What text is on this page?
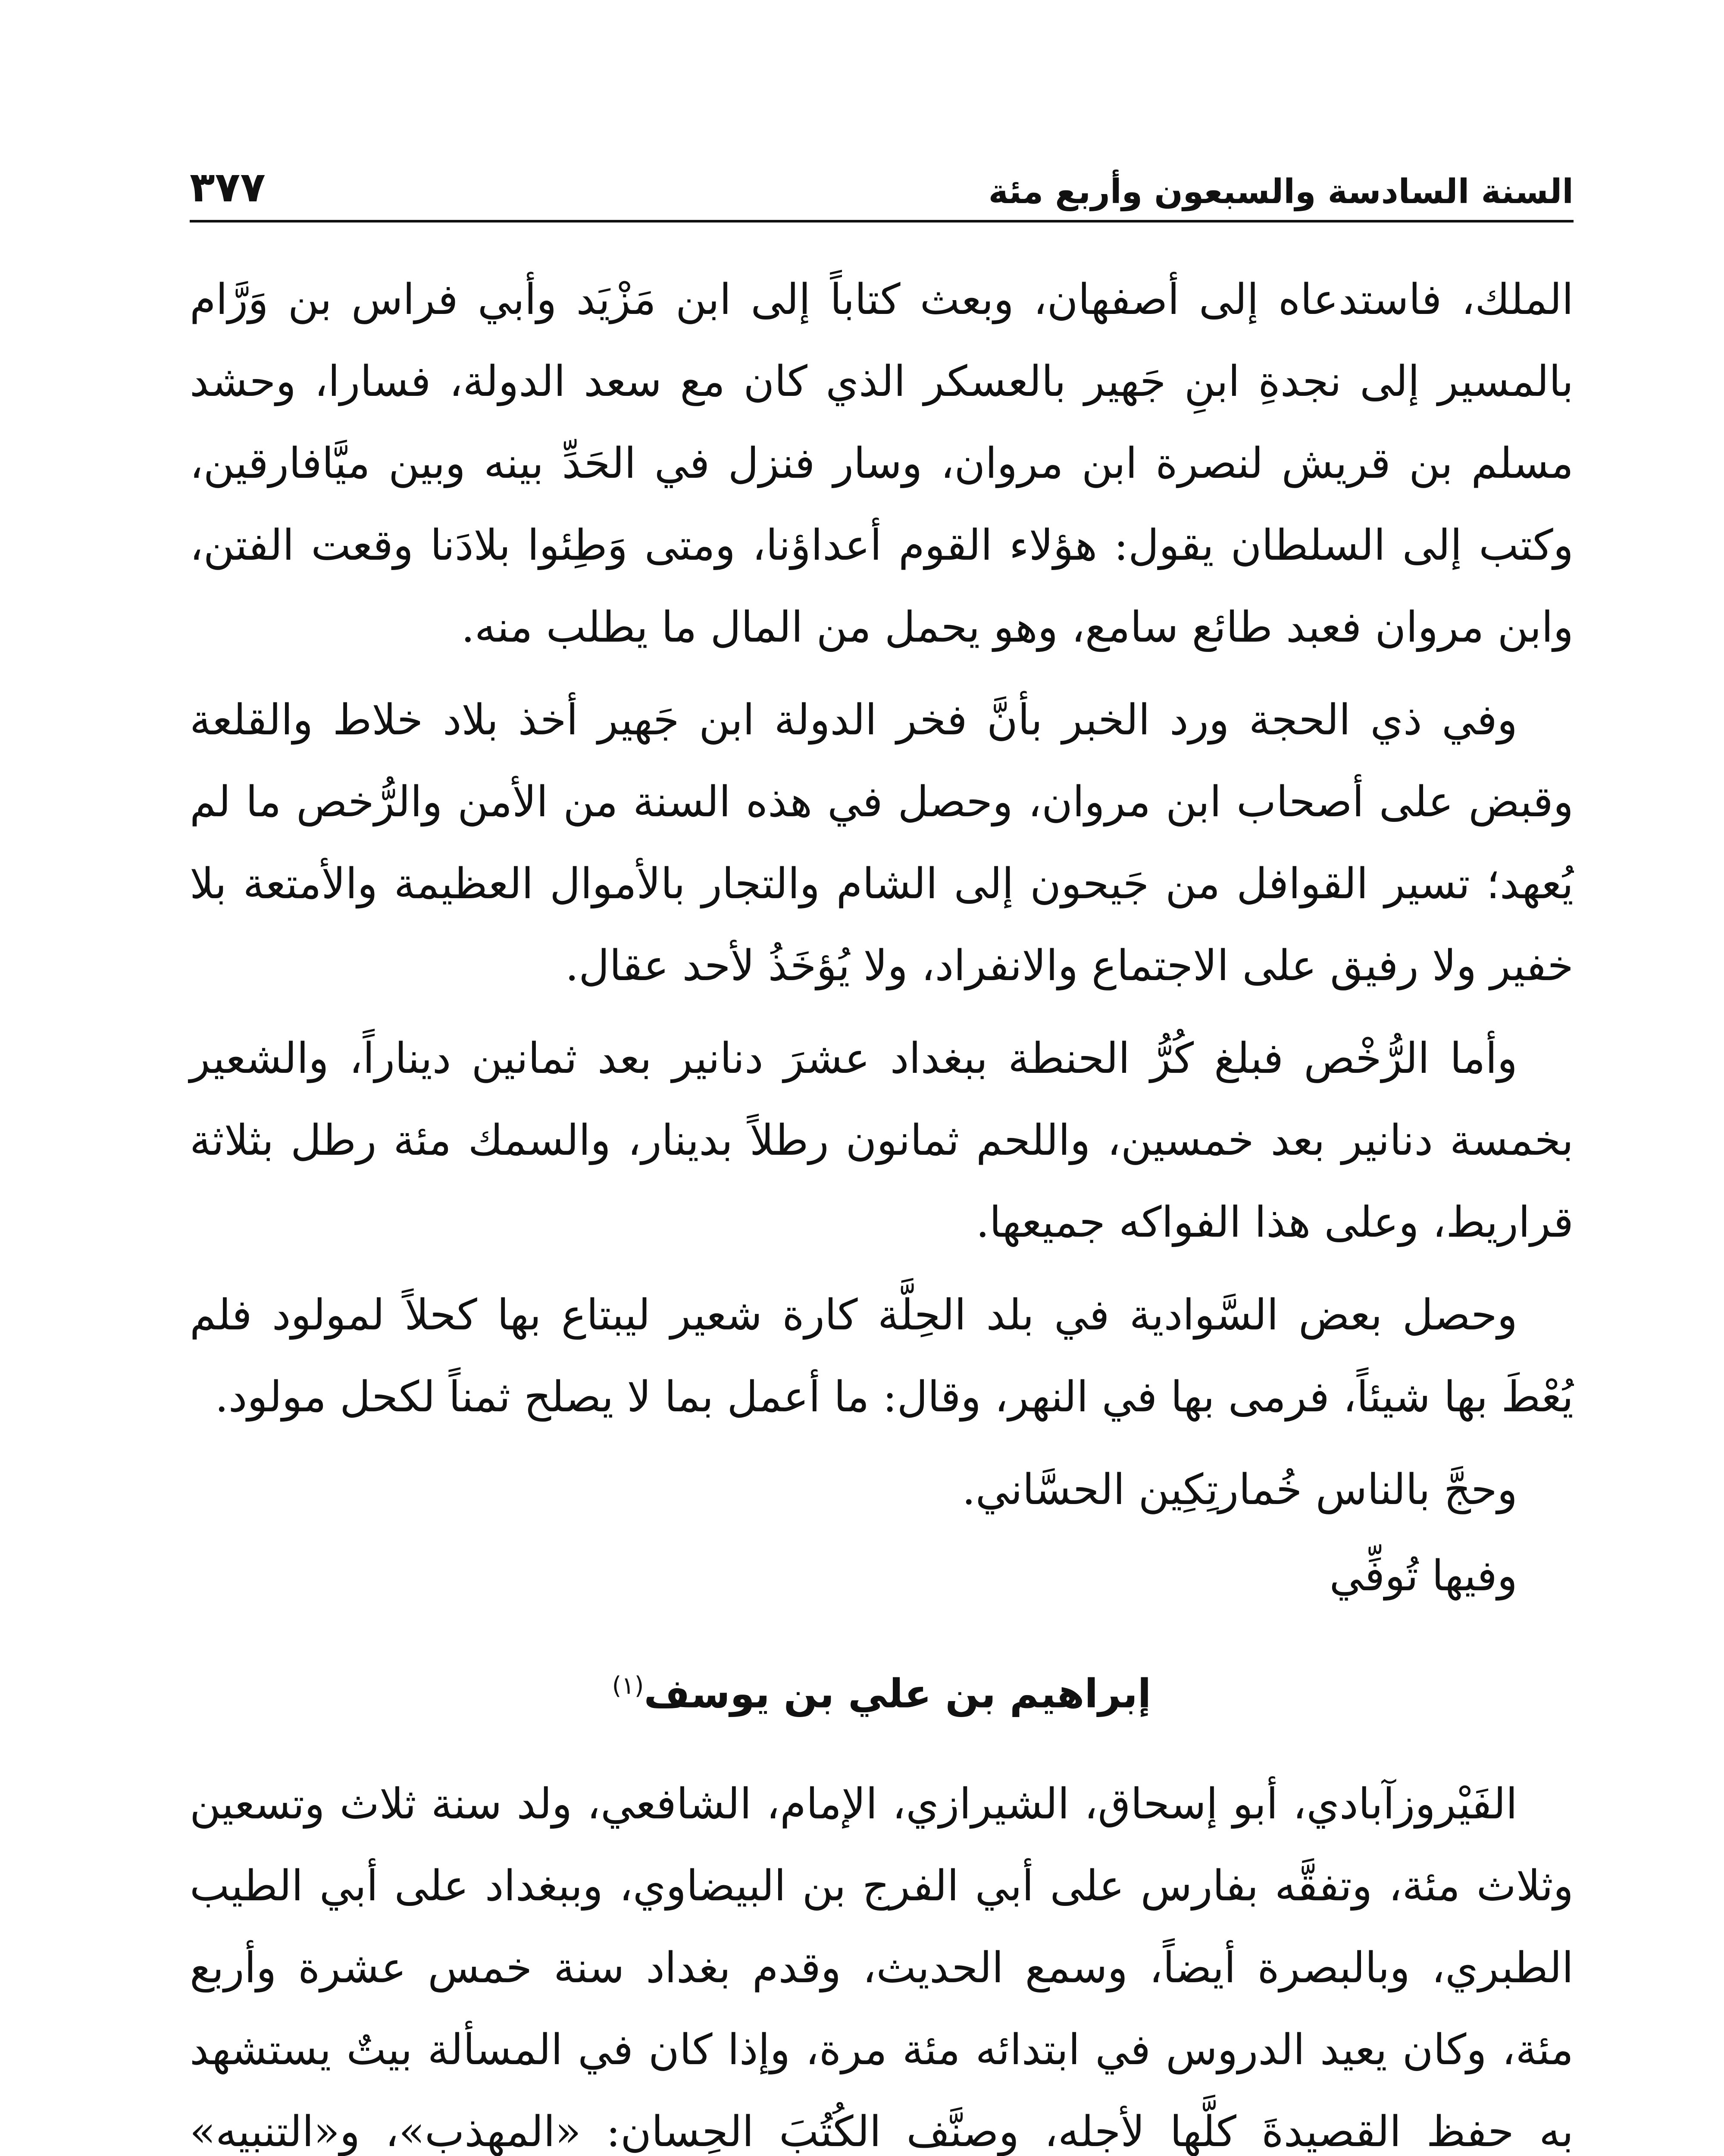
السنة السادسة والسبعون وأربع مئة
٣٧٧

الملك، فاستدعاه إلى أصفهان، وبعث كتاباً إلى ابن مَزْيَد وأبي فراس بن وَرَّام بالمسير إلى نجدةِ ابنِ جَهير بالعسكر الذي كان مع سعد الدولة، فسارا، وحشد مسلم بن قريش لنصرة ابن مروان، وسار فنزل في الحَدِّ بينه وبين ميَّافارقين، وكتب إلى السلطان يقول: هؤلاء القوم أعداؤنا، ومتى وَطِئوا بلادَنا وقعت الفتن، وابن مروان فعبد طائع سامع، وهو يحمل من المال ما يطلب منه.

وفي ذي الحجة ورد الخبر بأنَّ فخر الدولة ابن جَهير أخذ بلاد خلاط والقلعة وقبض على أصحاب ابن مروان، وحصل في هذه السنة من الأمن والرُّخص ما لم يُعهد؛ تسير القوافل من جَيحون إلى الشام والتجار بالأموال العظيمة والأمتعة بلا خفير ولا رفيق على الاجتماع والانفراد، ولا يُؤخَذُ لأحد عقال.

وأما الرُّخْص فبلغ كُرُّ الحنطة ببغداد عشرَ دنانير بعد ثمانين ديناراً، والشعير بخمسة دنانير بعد خمسين، واللحم ثمانون رطلاً بدينار، والسمك مئة رطل بثلاثة قراريط، وعلى هذا الفواكه جميعها.

وحصل بعض السَّوادية في بلد الحِلَّة كارة شعير ليبتاع بها كحلاً لمولود فلم يُعْطَ بها شيئاً، فرمى بها في النهر، وقال: ما أعمل بما لا يصلح ثمناً لكحل مولود.

وحجَّ بالناس خُمارتِكِين الحسَّاني.

وفيها تُوفِّي

إبراهيم بن علي بن يوسف$^{(١)}$

الفَيْروزآبادي، أبو إسحاق، الشيرازي، الإمام، الشافعي، ولد سنة ثلاث وتسعين وثلاث مئة، وتفقَّه بفارس على أبي الفرج بن البيضاوي، وببغداد على أبي الطيب الطبري، وبالبصرة أيضاً، وسمع الحديث، وقدم بغداد سنة خمس عشرة وأربع مئة، وكان يعيد الدروس في ابتدائه مئة مرة، وإذا كان في المسألة بيتٌ يستشهد به حفظ القصيدةَ كلَّها لأجله، وصنَّف الكُتُبَ الحِسان: «المهذب»، و«التنبيه»
